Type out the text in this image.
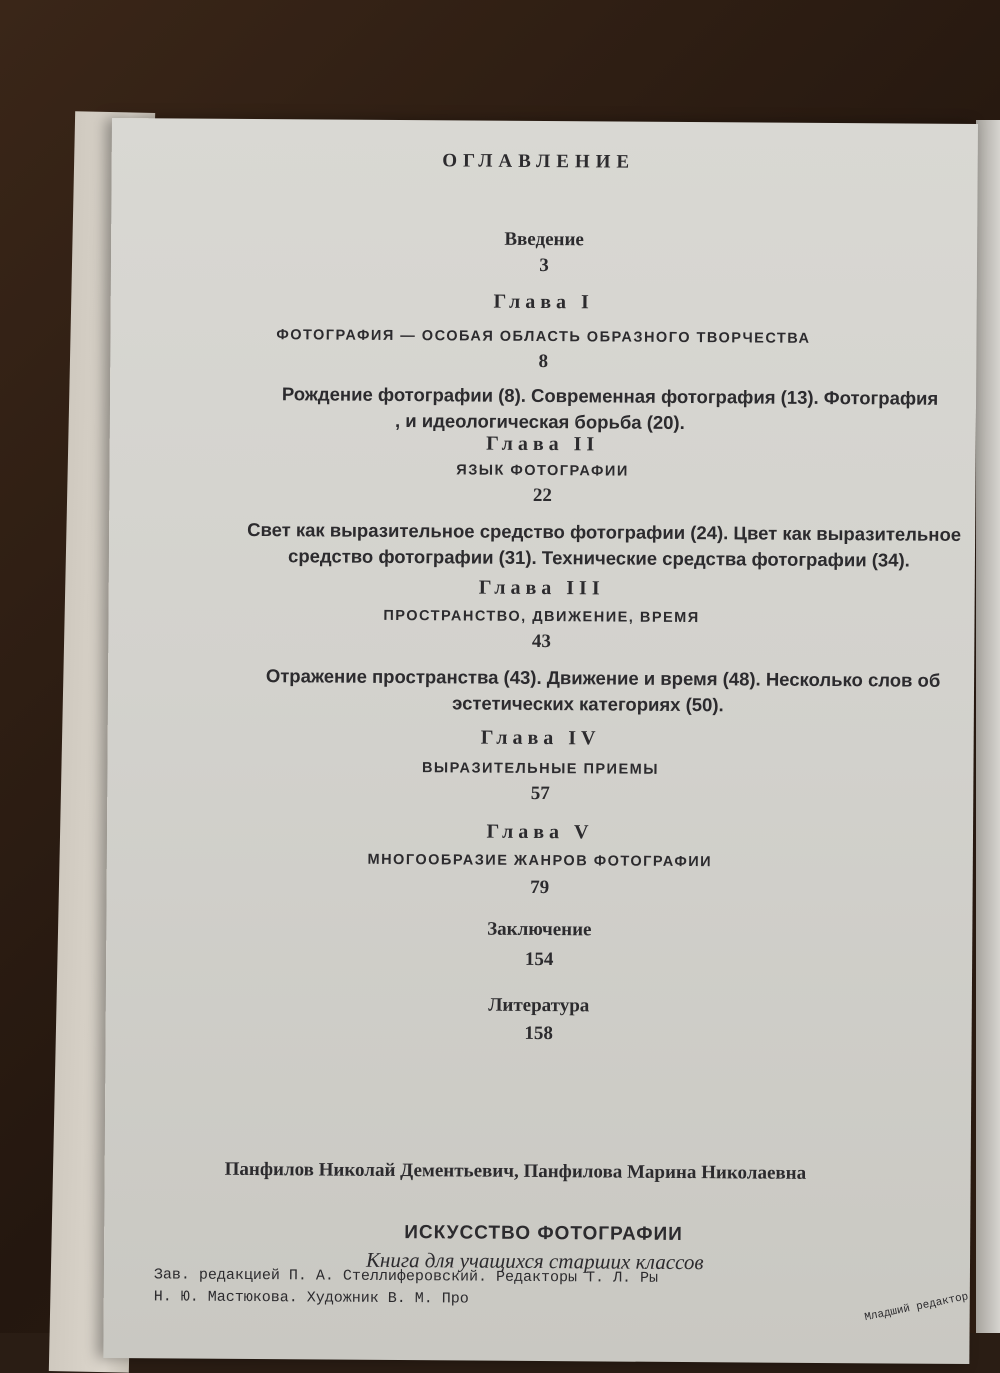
ОГЛАВЛЕНИЕ
Введение
3
Глава I
ФОТОГРАФИЯ — ОСОБАЯ ОБЛАСТЬ ОБРАЗНОГО ТВОРЧЕСТВА
8
Рождение фотографии (8). Современная фотография (13). Фотография
, и идеологическая борьба (20).
Глава II
ЯЗЫК ФОТОГРАФИИ
22
Свет как выразительное средство фотографии (24). Цвет как выразительное
средство фотографии (31). Технические средства фотографии (34).
Глава III
ПРОСТРАНСТВО, ДВИЖЕНИЕ, ВРЕМЯ
43
Отражение пространства (43). Движение и время (48). Несколько слов об
эстетических категориях (50).
Глава IV
ВЫРАЗИТЕЛЬНЫЕ ПРИЕМЫ
57
Глава V
МНОГООБРАЗИЕ ЖАНРОВ ФОТОГРАФИИ
79
Заключение
154
Литература
158
Панфилов Николай Дементьевич, Панфилова Марина Николаевна
ИСКУССТВО ФОТОГРАФИИ
Книга для учащихся старших классов
Зав. редакцией П. А. Стеллиферовский. Редакторы Т. Л. Ры
Н. Ю. Мастюкова. Художник В. М. Про	Младший редактор
